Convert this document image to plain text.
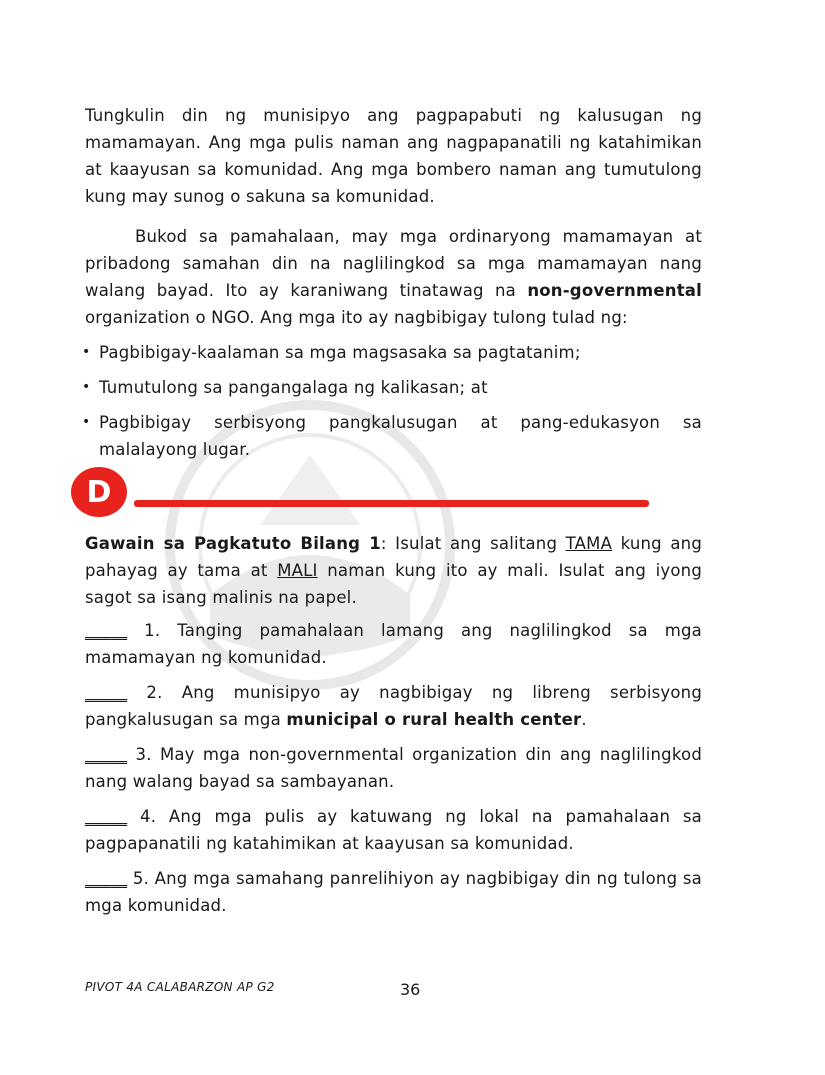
Tungkulin din ng munisipyo ang pagpapabuti ng kalusugan ng mamamayan. Ang mga pulis naman ang nagpapanatili ng katahimikan at kaayusan sa komunidad. Ang mga bombero naman ang tumutulong kung may sunog o sakuna sa komunidad.

Bukod sa pamahalaan, may mga ordinaryong mamamayan at pribadong samahan din na naglilingkod sa mga mamamayan nang walang bayad. Ito ay karaniwang tinatawag na non-governmental organization o NGO. Ang mga ito ay nagbibigay tulong tulad ng:

• Pagbibigay-kaalaman sa mga magsasaka sa pagtatanim;
• Tumutulong sa pangangalaga ng kalikasan; at
• Pagbibigay serbisyong pangkalusugan at pang-edukasyon sa malalayong lugar.
D

Gawain sa Pagkatuto Bilang 1: Isulat ang salitang TAMA kung ang pahayag ay tama at MALI naman kung ito ay mali. Isulat ang iyong sagot sa isang malinis na papel.

_____ 1. Tanging pamahalaan lamang ang naglilingkod sa mga mamamayan ng komunidad.

_____ 2. Ang munisipyo ay nagbibigay ng libreng serbisyong pangkalusugan sa mga municipal o rural health center.

_____ 3. May mga non-governmental organization din ang naglilingkod nang walang bayad sa sambayanan.

_____ 4. Ang mga pulis ay katuwang ng lokal na pamahalaan sa pagpapanatili ng katahimikan at kaayusan sa komunidad.

_____ 5. Ang mga samahang panrelihiyon ay nagbibigay din ng tulong sa mga komunidad.

PIVOT 4A CALABARZON AP G2	36
